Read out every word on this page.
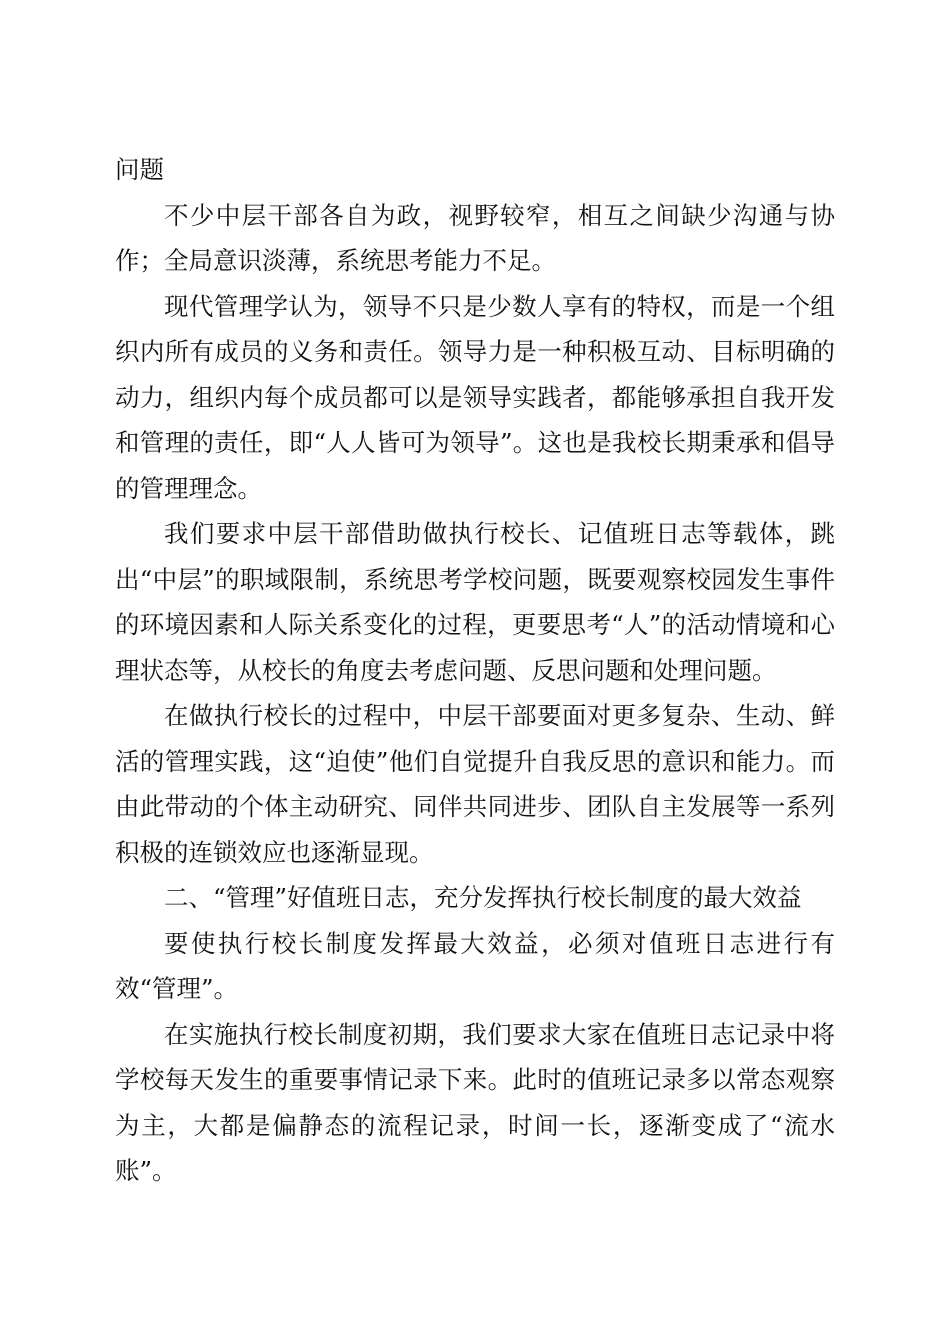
问题

不少中层干部各自为政，视野较窄，相互之间缺少沟通与协作；全局意识淡薄，系统思考能力不足。

现代管理学认为，领导不只是少数人享有的特权，而是一个组织内所有成员的义务和责任。领导力是一种积极互动、目标明确的动力，组织内每个成员都可以是领导实践者，都能够承担自我开发和管理的责任，即“人人皆可为领导”。这也是我校长期秉承和倡导的管理理念。

我们要求中层干部借助做执行校长、记值班日志等载体，跳出“中层”的职域限制，系统思考学校问题，既要观察校园发生事件的环境因素和人际关系变化的过程，更要思考“人”的活动情境和心理状态等，从校长的角度去考虑问题、反思问题和处理问题。

在做执行校长的过程中，中层干部要面对更多复杂、生动、鲜活的管理实践，这“迫使”他们自觉提升自我反思的意识和能力。而由此带动的个体主动研究、同伴共同进步、团队自主发展等一系列积极的连锁效应也逐渐显现。

二、“管理”好值班日志，充分发挥执行校长制度的最大效益

要使执行校长制度发挥最大效益，必须对值班日志进行有效“管理”。

在实施执行校长制度初期，我们要求大家在值班日志记录中将学校每天发生的重要事情记录下来。此时的值班记录多以常态观察为主，大都是偏静态的流程记录，时间一长，逐渐变成了“流水账”。
